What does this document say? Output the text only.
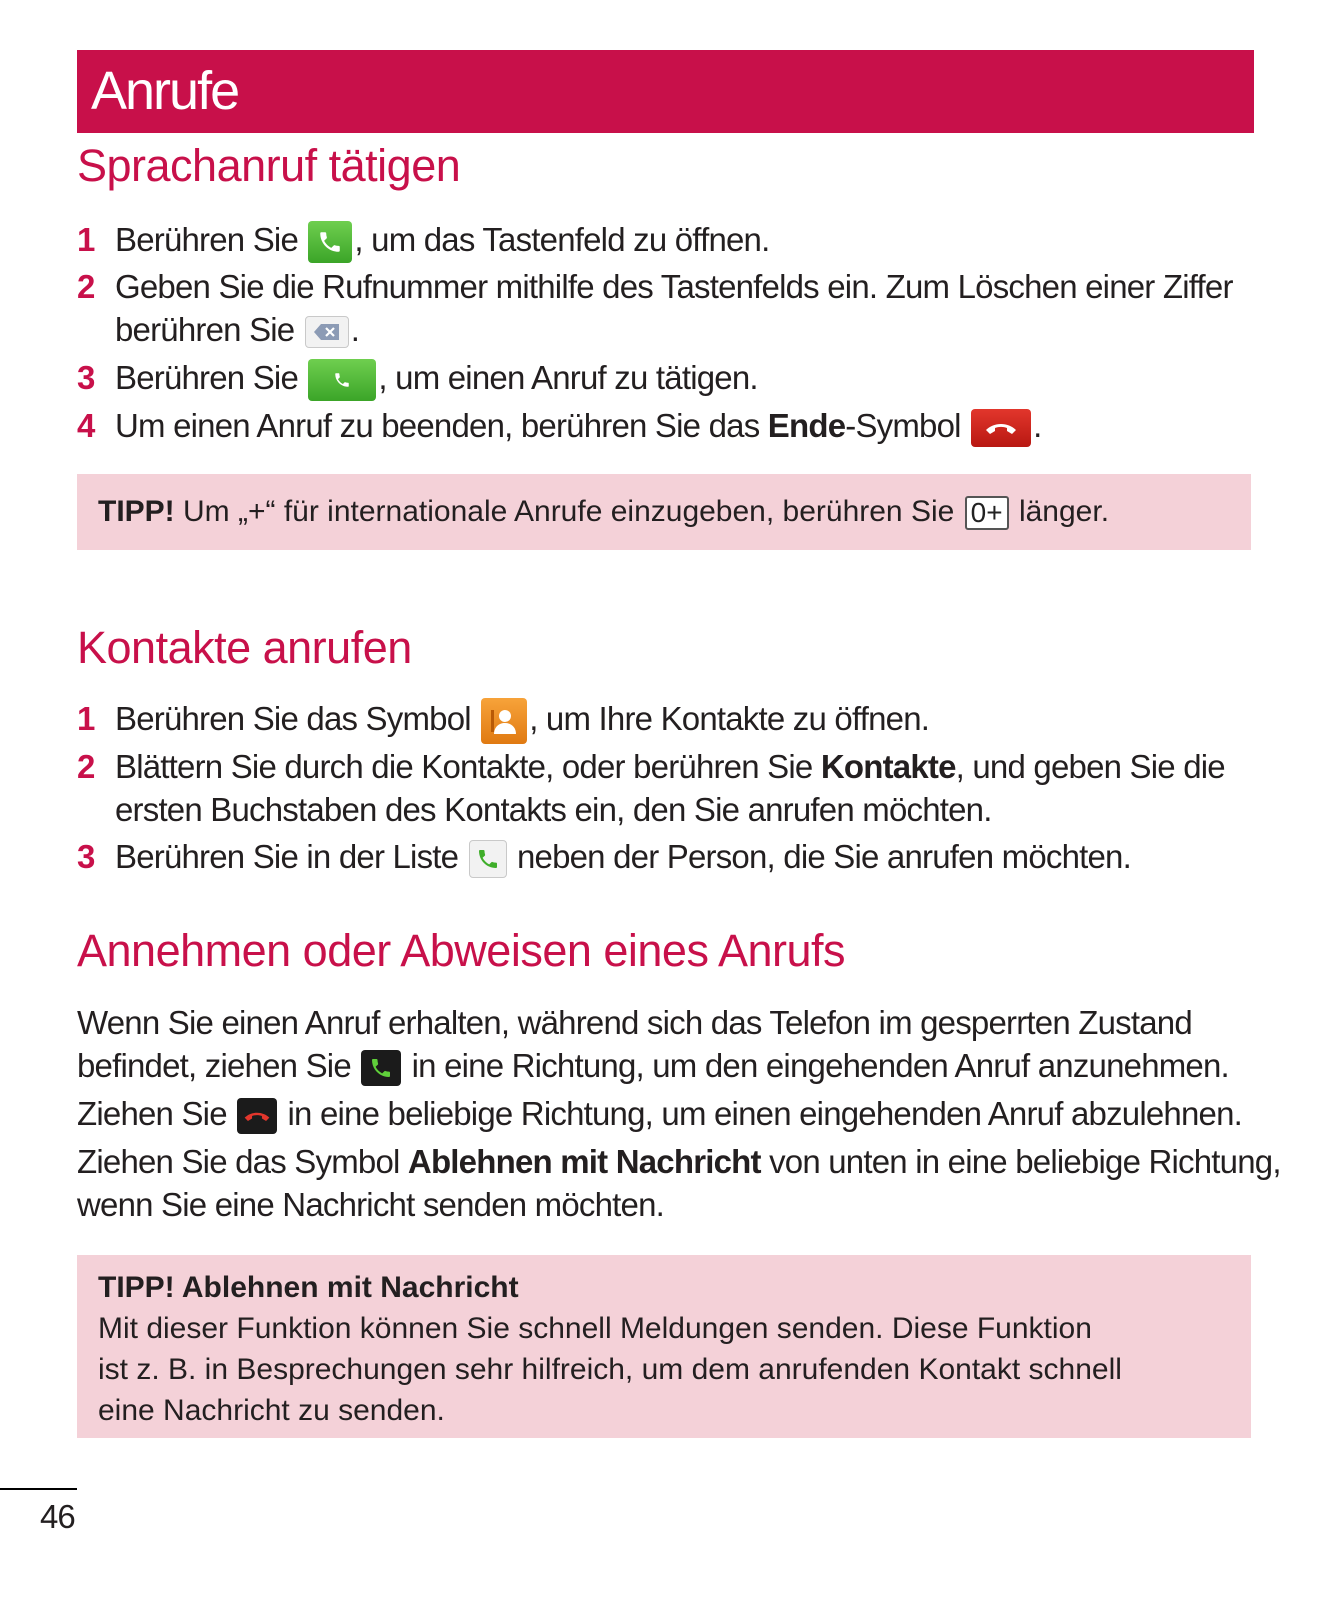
Anrufe
Sprachanruf tätigen
1 Berühren Sie , um das Tastenfeld zu öffnen.
2 Geben Sie die Rufnummer mithilfe des Tastenfelds ein. Zum Löschen einer Ziffer
berühren Sie .
3 Berühren Sie , um einen Anruf zu tätigen.
4 Um einen Anruf zu beenden, berühren Sie das Ende-Symbol .
TIPP! Um „+“ für internationale Anrufe einzugeben, berühren Sie 0+ länger.
Kontakte anrufen
1 Berühren Sie das Symbol , um Ihre Kontakte zu öffnen.
2 Blättern Sie durch die Kontakte, oder berühren Sie Kontakte, und geben Sie die
ersten Buchstaben des Kontakts ein, den Sie anrufen möchten.
3 Berühren Sie in der Liste neben der Person, die Sie anrufen möchten.
Annehmen oder Abweisen eines Anrufs
Wenn Sie einen Anruf erhalten, während sich das Telefon im gesperrten Zustand
befindet, ziehen Sie in eine Richtung, um den eingehenden Anruf anzunehmen.
Ziehen Sie in eine beliebige Richtung, um einen eingehenden Anruf abzulehnen.
Ziehen Sie das Symbol Ablehnen mit Nachricht von unten in eine beliebige Richtung,
wenn Sie eine Nachricht senden möchten.
TIPP! Ablehnen mit Nachricht
Mit dieser Funktion können Sie schnell Meldungen senden. Diese Funktion
ist z. B. in Besprechungen sehr hilfreich, um dem anrufenden Kontakt schnell
eine Nachricht zu senden.
46
